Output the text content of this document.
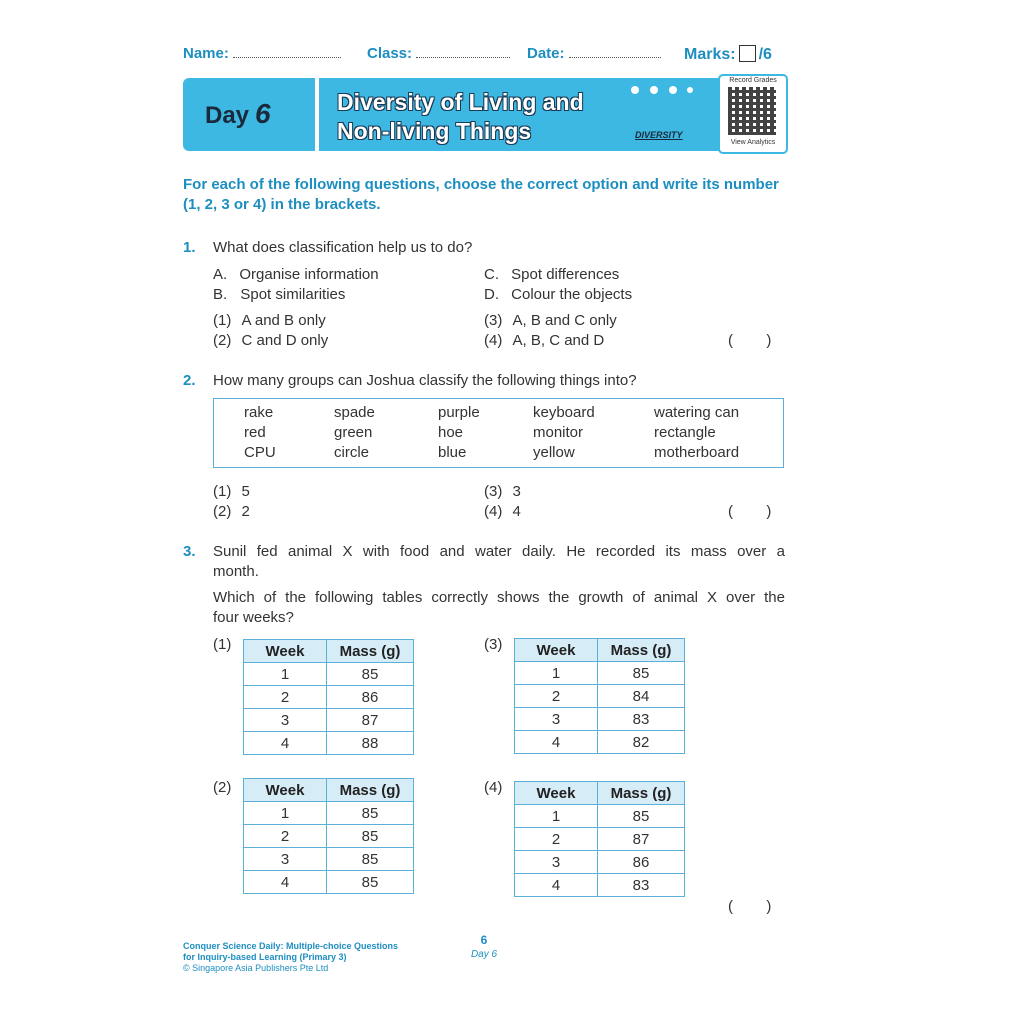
Name:	Class:	Date:	Marks: /6
Day 6	Diversity of Living and
Non-living Things	DIVERSITY
Record Grades
View Analytics
For each of the following questions, choose the correct option and write its number (1, 2, 3 or 4) in the brackets.
1. What does classification help us to do?
A. Organise information
B. Spot similarities
C. Spot differences
D. Colour the objects
(1) A and B only
(2) C and D only
(3) A, B and C only
(4) A, B, C and D	(        )
2. How many groups can Joshua classify the following things into?
rake	spade	purple	keyboard	watering can
red	green	hoe	monitor	rectangle
CPU	circle	blue	yellow	motherboard
(1) 5
(2) 2
(3) 3
(4) 4	(        )
3. Sunil fed animal X with food and water daily. He recorded its mass over a
month.
Which of the following tables correctly shows the growth of animal X over the
four weeks?
(1) Week	Mass (g)
1	85
2	86
3	87
4	88
(3) Week	Mass (g)
1	85
2	84
3	83
4	82
(2) Week	Mass (g)
1	85
2	85
3	85
4	85
(4) Week	Mass (g)
1	85
2	87
3	86
4	83
(        )
Conquer Science Daily: Multiple-choice Questions
for Inquiry-based Learning (Primary 3)
© Singapore Asia Publishers Pte Ltd
6
Day 6
